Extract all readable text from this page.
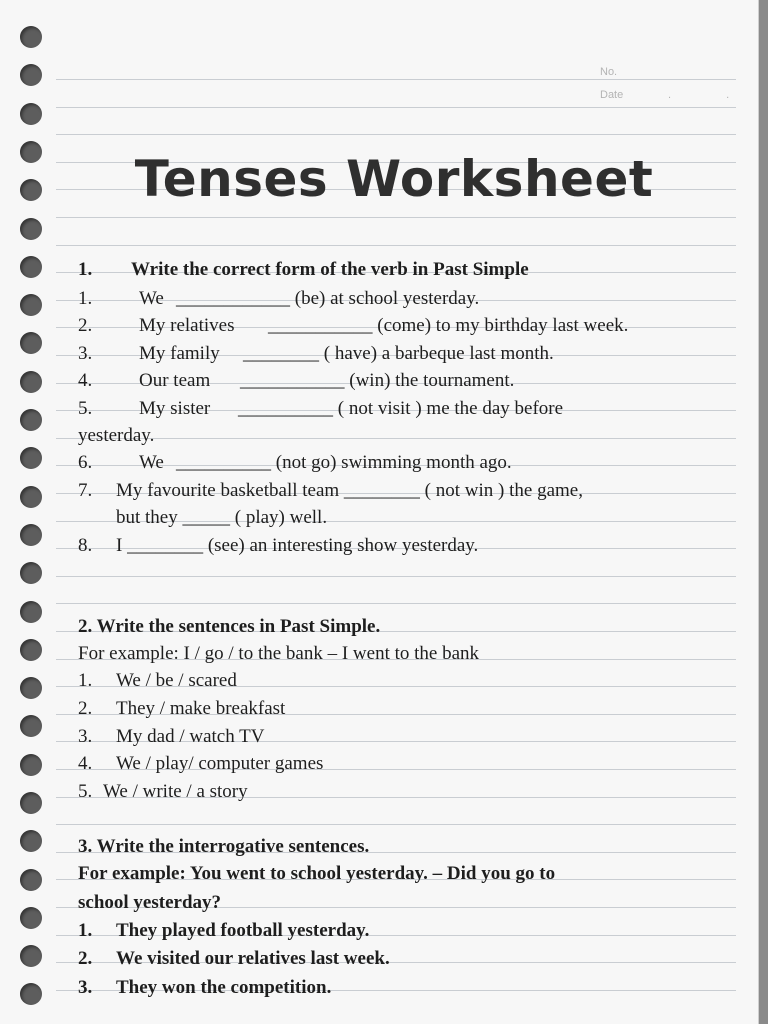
No.
Date	. .
Tenses Worksheet
1. Write the correct form of the verb in Past Simple
1. We ____________ (be) at school yesterday.
2. My relatives ___________ (come) to my birthday last week.
3. My family ________ ( have) a barbeque last month.
4. Our team ___________ (win) the tournament.
5. My sister __________ ( not visit ) me the day before
yesterday.
6. We __________ (not go) swimming month ago.
7. My favourite basketball team ________ ( not win ) the game,
but they _____ ( play) well.
8. I ________ (see) an interesting show yesterday.
2. Write the sentences in Past Simple.
For example: I / go / to the bank – I went to the bank
1. We / be / scared
2. They / make breakfast
3. My dad / watch TV
4. We / play/ computer games
5. We / write / a story
3. Write the interrogative sentences.
For example: You went to school yesterday. – Did you go to
school yesterday?
1. They played football yesterday.
2. We visited our relatives last week.
3. They won the competition.
